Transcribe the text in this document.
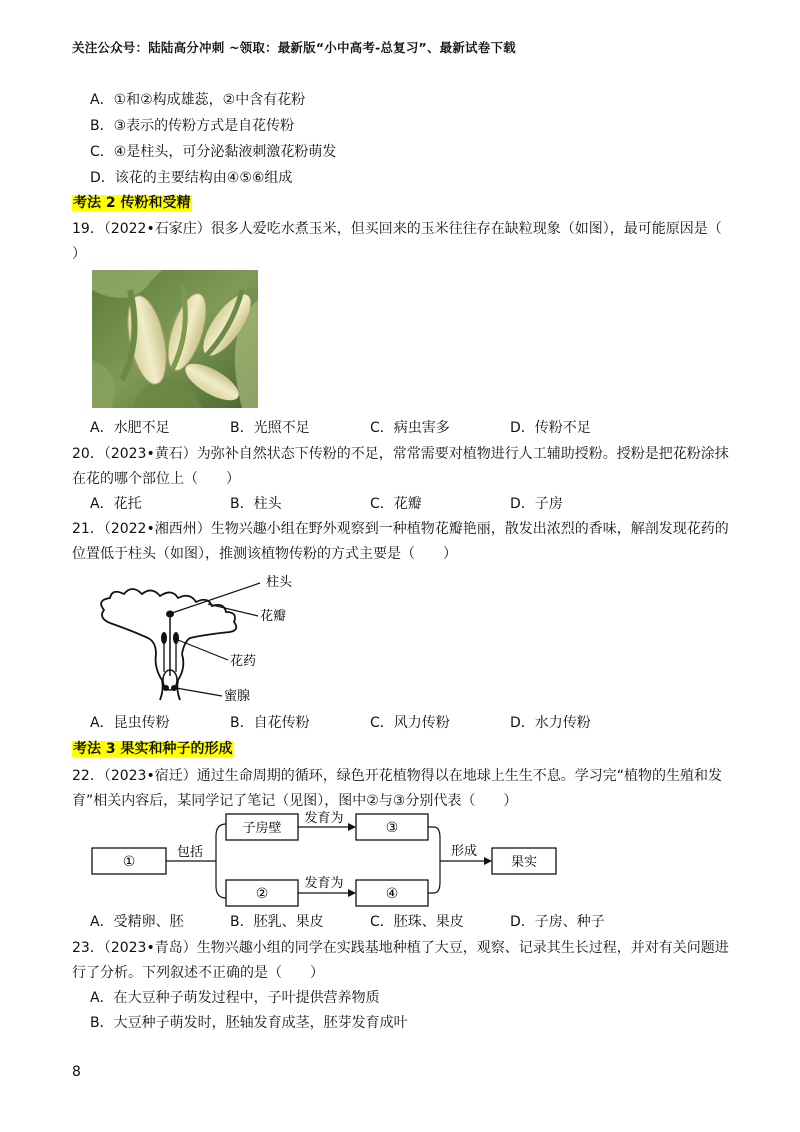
关注公众号：陆陆高分冲刺 ~领取：最新版“小中高考-总复习”、最新试卷下载
A．①和②构成雄蕊，②中含有花粉
B．③表示的传粉方式是自花传粉
C．④是柱头，可分泌黏液刺激花粉萌发
D．该花的主要结构由④⑤⑥组成
考法 2 传粉和受精
19．（2022•石家庄）很多人爱吃水煮玉米，但买回来的玉米往往存在缺粒现象（如图），最可能原因是（
）
A．水肥不足	B．光照不足	C．病虫害多	D．传粉不足
20．（2023•黄石）为弥补自然状态下传粉的不足，常常需要对植物进行人工辅助授粉。授粉是把花粉涂抹
在花的哪个部位上（　　）
A．花托	B．柱头	C．花瓣	D．子房
21．（2022•湘西州）生物兴趣小组在野外观察到一种植物花瓣艳丽，散发出浓烈的香味，解剖发现花药的
位置低于柱头（如图），推测该植物传粉的方式主要是（　　）
柱头
花瓣
花药
蜜腺
A．昆虫传粉	B．自花传粉	C．风力传粉	D．水力传粉
考法 3 果实和种子的形成
22．（2023•宿迁）通过生命周期的循环，绿色开花植物得以在地球上生生不息。学习完“植物的生殖和发
育”相关内容后，某同学记了笔记（见图），图中②与③分别代表（　　）
①
包括
子房壁
发育为
③
②
发育为
④
形成
果实
A．受精卵、胚	B．胚乳、果皮	C．胚珠、果皮	D．子房、种子
23．（2023•青岛）生物兴趣小组的同学在实践基地种植了大豆，观察、记录其生长过程，并对有关问题进
行了分析。下列叙述不正确的是（　　）
A．在大豆种子萌发过程中，子叶提供营养物质
B．大豆种子萌发时，胚轴发育成茎，胚芽发育成叶
8
